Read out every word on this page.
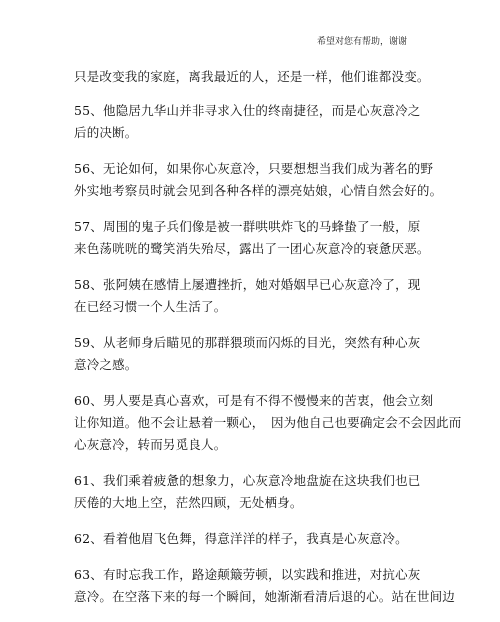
希望对您有帮助，谢谢

只是改变我的家庭，离我最近的人，还是一样，他们谁都没变。

55、他隐居九华山并非寻求入仕的终南捷径，而是心灰意冷之
后的决断。

56、无论如何，如果你心灰意冷，只要想想当我们成为著名的野
外实地考察员时就会见到各种各样的漂亮姑娘，心情自然会好的。

57、周围的鬼子兵们像是被一群哄哄炸飞的马蜂蛰了一般，原
来色荡咣咣的鹭笑消失殆尽，露出了一团心灰意冷的衰惫厌恶。

58、张阿姨在感情上屡遭挫折，她对婚姻早已心灰意冷了，现
在已经习惯一个人生活了。

59、从老师身后瞄见的那群猥琐而闪烁的目光，突然有种心灰
意冷之感。

60、男人要是真心喜欢，可是有不得不慢慢来的苦衷，他会立刻
让你知道。他不会让悬着一颗心，　因为他自己也要确定会不会因此而
心灰意冷，转而另觅良人。

61、我们乘着疲惫的想象力，心灰意冷地盘旋在这块我们也已
厌倦的大地上空，茫然四顾，无处栖身。

62、看着他眉飞色舞，得意洋洋的样子，我真是心灰意冷。

63、有时忘我工作，路途颠簸劳顿，以实践和推进，对抗心灰
意冷。在空落下来的每一个瞬间，她渐渐看清后退的心。站在世间边
